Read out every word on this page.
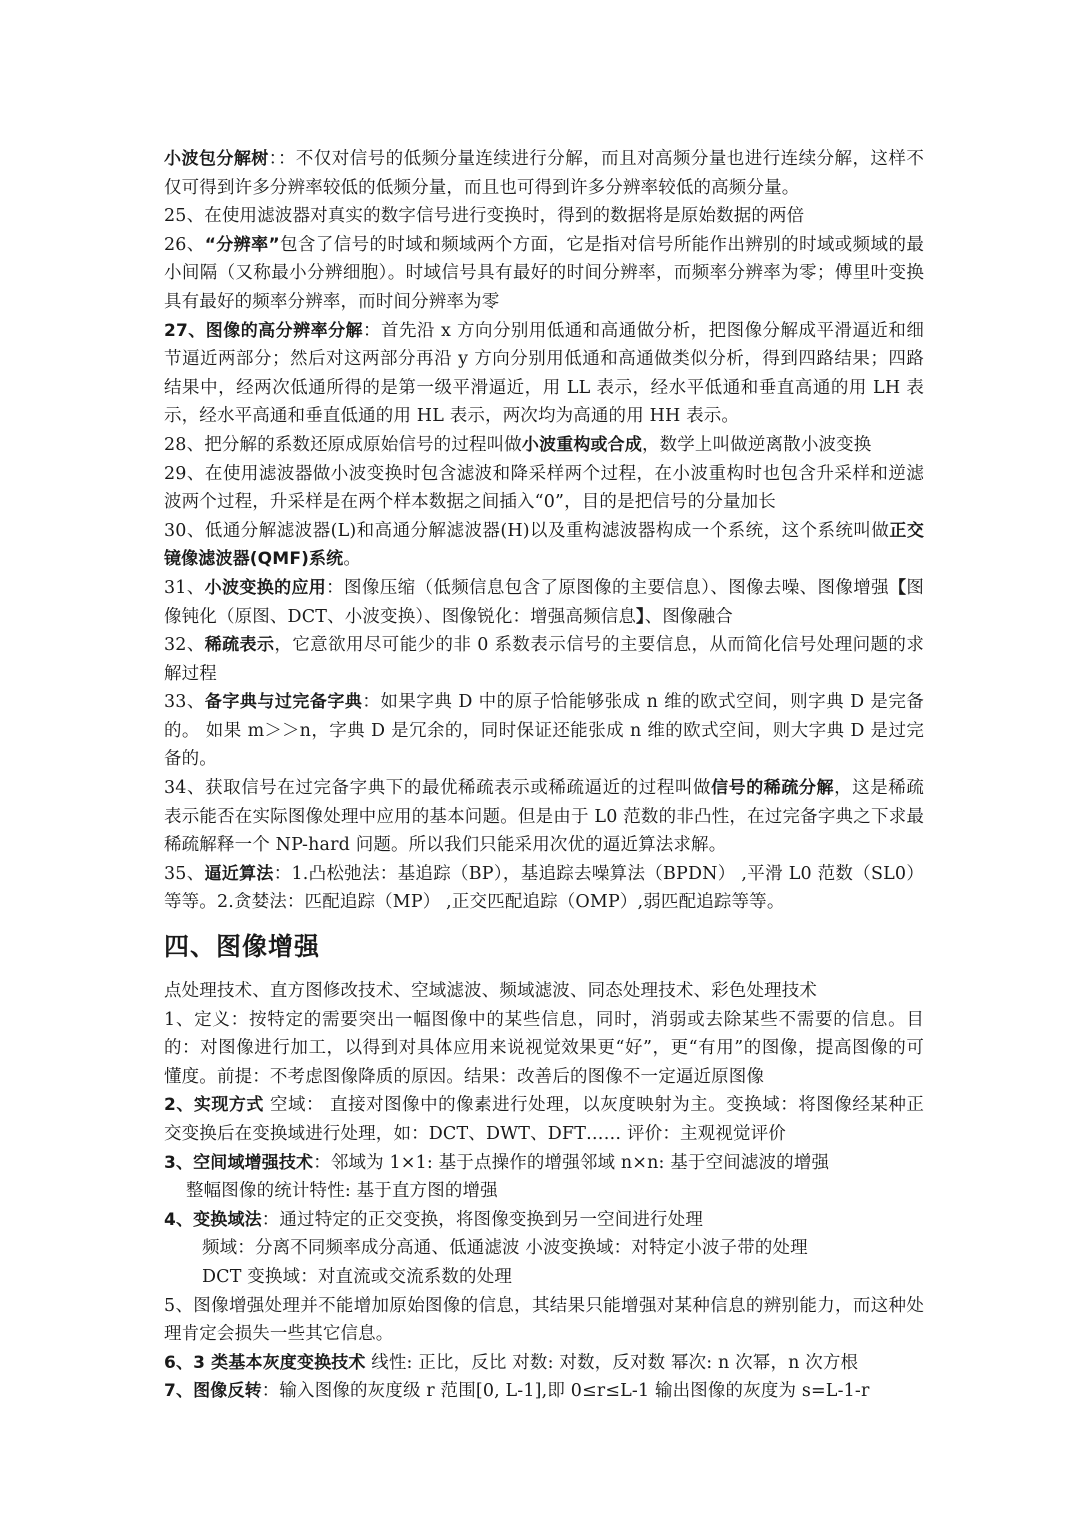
小波包分解树：：不仅对信号的低频分量连续进行分解，而且对高频分量也进行连续分解，这样不仅可得到许多分辨率较低的低频分量，而且也可得到许多分辨率较低的高频分量。

25、在使用滤波器对真实的数字信号进行变换时，得到的数据将是原始数据的两倍

26、“分辨率”包含了信号的时域和频域两个方面，它是指对信号所能作出辨别的时域或频域的最小间隔（又称最小分辨细胞）。时域信号具有最好的时间分辨率，而频率分辨率为零；傅里叶变换具有最好的频率分辨率，而时间分辨率为零

27、图像的高分辨率分解：首先沿 x 方向分别用低通和高通做分析，把图像分解成平滑逼近和细节逼近两部分；然后对这两部分再沿 y 方向分别用低通和高通做类似分析，得到四路结果；四路结果中，经两次低通所得的是第一级平滑逼近，用 LL 表示，经水平低通和垂直高通的用 LH 表示，经水平高通和垂直低通的用 HL 表示，两次均为高通的用 HH 表示。

28、把分解的系数还原成原始信号的过程叫做小波重构或合成，数学上叫做逆离散小波变换

29、在使用滤波器做小波变换时包含滤波和降采样两个过程，在小波重构时也包含升采样和逆滤波两个过程，升采样是在两个样本数据之间插入“0”，目的是把信号的分量加长

30、低通分解滤波器(L)和高通分解滤波器(H)以及重构滤波器构成一个系统，这个系统叫做正交镜像滤波器(QMF)系统。

31、小波变换的应用：图像压缩（低频信息包含了原图像的主要信息）、图像去噪、图像增强【图像钝化（原图、DCT、小波变换）、图像锐化：增强高频信息】、图像融合

32、稀疏表示，它意欲用尽可能少的非 0 系数表示信号的主要信息，从而简化信号处理问题的求解过程

33、备字典与过完备字典：如果字典 D 中的原子恰能够张成 n 维的欧式空间，则字典 D 是完备的。 如果 m＞＞n，字典 D 是冗余的，同时保证还能张成 n 维的欧式空间，则大字典 D 是过完备的。

34、获取信号在过完备字典下的最优稀疏表示或稀疏逼近的过程叫做信号的稀疏分解，这是稀疏表示能否在实际图像处理中应用的基本问题。但是由于 L0 范数的非凸性，在过完备字典之下求最稀疏解释一个 NP-hard 问题。所以我们只能采用次优的逼近算法求解。

35、逼近算法：1.凸松弛法：基追踪（BP），基追踪去噪算法（BPDN） ,平滑 L0 范数（SL0）等等。2.贪婪法：匹配追踪（MP） ,正交匹配追踪（OMP）,弱匹配追踪等等。

四、图像增强

点处理技术、直方图修改技术、空域滤波、频域滤波、同态处理技术、彩色处理技术

1、定义：按特定的需要突出一幅图像中的某些信息，同时，消弱或去除某些不需要的信息。目的：对图像进行加工，以得到对具体应用来说视觉效果更“好”，更“有用”的图像，提高图像的可懂度。前提：不考虑图像降质的原因。结果：改善后的图像不一定逼近原图像

2、实现方式 空域： 直接对图像中的像素进行处理，以灰度映射为主。变换域：将图像经某种正交变换后在变换域进行处理，如：DCT、DWT、DFT…… 评价：主观视觉评价

3、空间域增强技术：邻域为 1×1: 基于点操作的增强邻域 n×n: 基于空间滤波的增强

整幅图像的统计特性: 基于直方图的增强

4、变换域法：通过特定的正交变换，将图像变换到另一空间进行处理

频域：分离不同频率成分高通、低通滤波 小波变换域：对特定小波子带的处理

DCT 变换域：对直流或交流系数的处理

5、图像增强处理并不能增加原始图像的信息，其结果只能增强对某种信息的辨别能力，而这种处理肯定会损失一些其它信息。

6、3 类基本灰度变换技术 线性: 正比，反比 对数: 对数，反对数 幂次: n 次幂，n 次方根

7、图像反转：输入图像的灰度级 r 范围[0, L-1],即 0≤r≤L-1 输出图像的灰度为 s=L-1-r
